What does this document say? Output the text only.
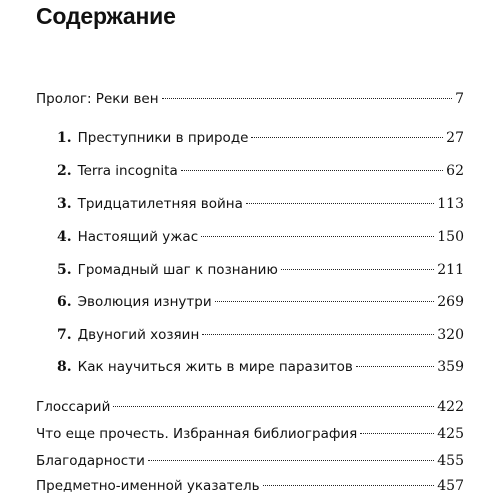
Содержание
Пролог: Реки вен	7
1. Преступники в природе	27
2. Terra incognita	62
3. Тридцатилетняя война	113
4. Настоящий ужас	150
5. Громадный шаг к познанию	211
6. Эволюция изнутри	269
7. Двуногий хозяин	320
8. Как научиться жить в мире паразитов	359
Глоссарий	422
Что еще прочесть. Избранная библиография	425
Благодарности	455
Предметно-именной указатель	457
